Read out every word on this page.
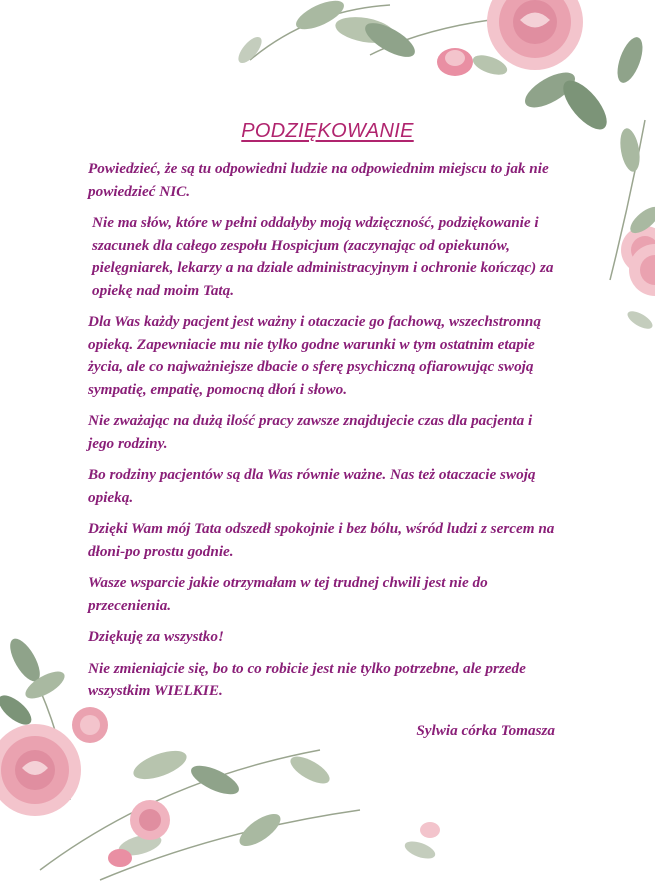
PODZIĘKOWANIE

Powiedzieć, że są tu odpowiedni ludzie na odpowiednim miejscu to jak nie powiedzieć NIC.

Nie ma słów, które w pełni oddałyby moją wdzięczność, podziękowanie i szacunek dla całego zespołu Hospicjum (zaczynając od opiekunów, pielęgniarek, lekarzy a na dziale administracyjnym i ochronie kończąc) za opiekę nad moim Tatą.

Dla Was każdy pacjent jest ważny i otaczacie go fachową, wszechstronną opieką. Zapewniacie mu nie tylko godne warunki w tym ostatnim etapie życia, ale co najważniejsze dbacie o sferę psychiczną ofiarowując swoją sympatię, empatię, pomocną dłoń i słowo.

Nie zważając na dużą ilość pracy zawsze znajdujecie czas dla pacjenta i jego rodziny.

Bo rodziny pacjentów są dla Was równie ważne. Nas też otaczacie swoją opieką.

Dzięki Wam mój Tata odszedł spokojnie i bez bólu, wśród ludzi z sercem na dłoni-po prostu godnie.

Wasze wsparcie jakie otrzymałam w tej trudnej chwili jest nie do przecenienia.

Dziękuję za wszystko!

Nie zmieniajcie się, bo to co robicie jest nie tylko potrzebne, ale przede wszystkim WIELKIE.

Sylwia córka Tomasza
